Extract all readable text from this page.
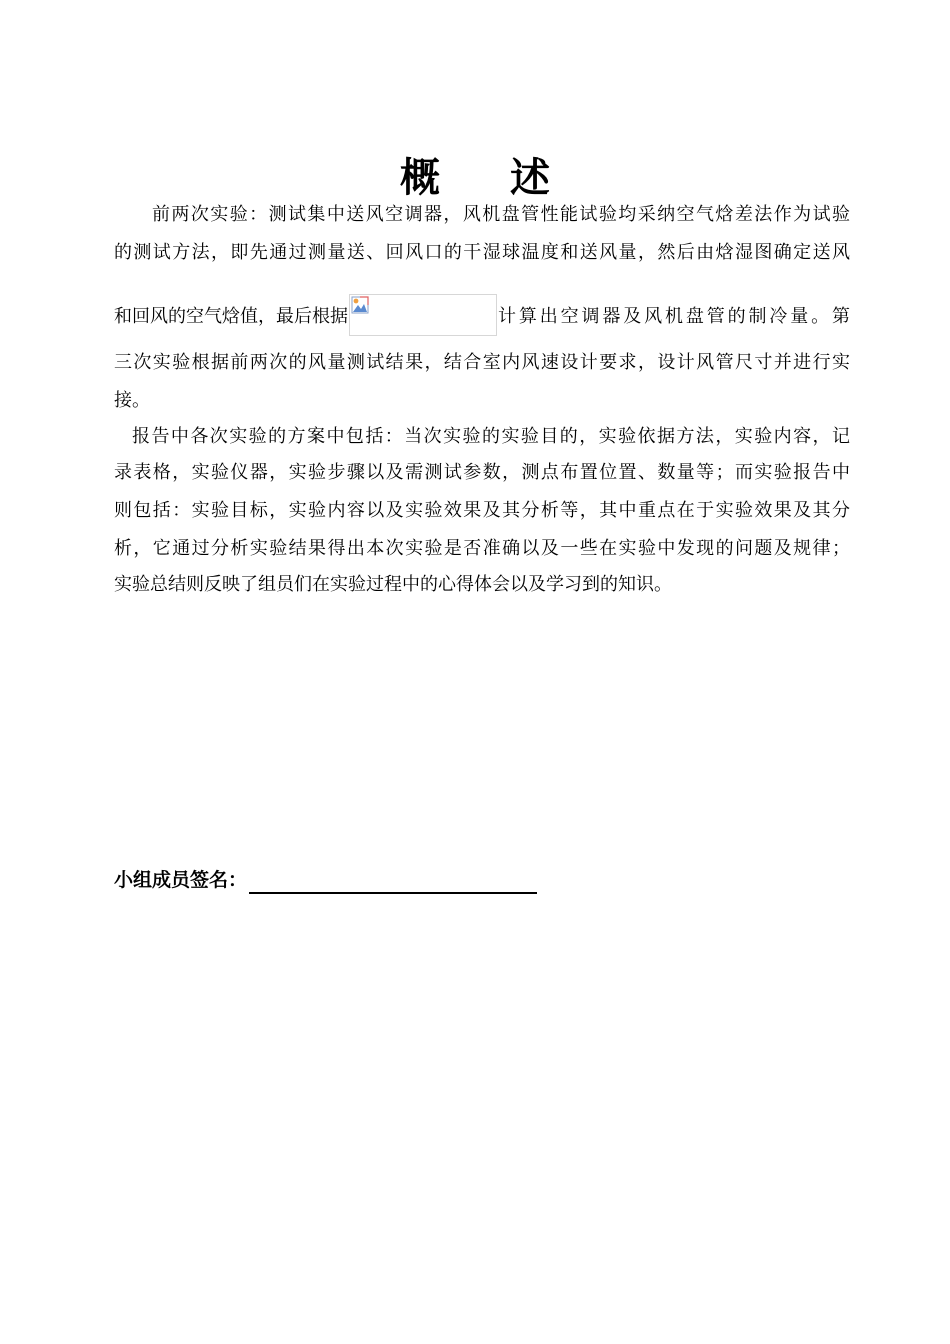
概 述

前两次实验：测试集中送风空调器，风机盘管性能试验均采纳空气焓差法作为试验

的测试方法，即先通过测量送、回风口的干湿球温度和送风量，然后由焓湿图确定送风

和回风的空气焓值，最后根据	计算出空调器及风机盘管的制冷量。第

三次实验根据前两次的风量测试结果，结合室内风速设计要求，设计风管尺寸并进行实

接。

报告中各次实验的方案中包括：当次实验的实验目的，实验依据方法，实验内容，记

录表格，实验仪器，实验步骤以及需测试参数，测点布置位置、数量等；而实验报告中

则包括：实验目标，实验内容以及实验效果及其分析等，其中重点在于实验效果及其分

析，它通过分析实验结果得出本次实验是否准确以及一些在实验中发现的问题及规律；

实验总结则反映了组员们在实验过程中的心得体会以及学习到的知识。

小组成员签名：
